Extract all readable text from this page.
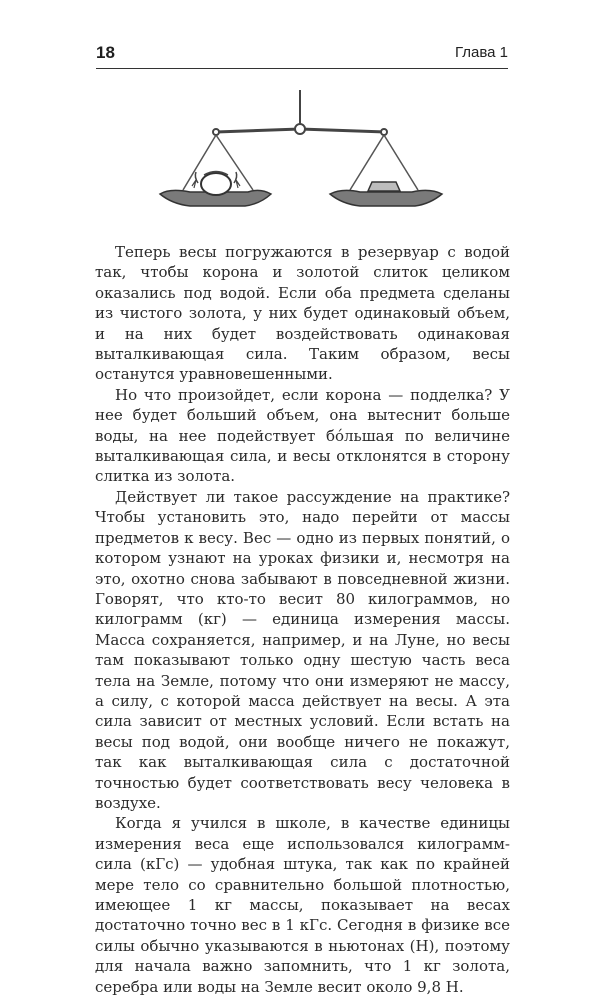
18	Глава 1

Теперь весы погружаются в резервуар с водой так, чтобы корона и золотой слиток целиком оказались под водой. Если оба предмета сделаны из чистого золота, у них будет одинаковый объем, и на них будет воздействовать одинаковая выталкивающая сила. Таким образом, весы останутся уравновешенными.

Но что произойдет, если корона — подделка? У нее будет больший объем, она вытеснит больше воды, на нее подействует бóльшая по величине выталкивающая сила, и весы отклонятся в сторону слитка из золота.

Действует ли такое рассуждение на практике? Чтобы установить это, надо перейти от массы предметов к весу. Вес — одно из первых понятий, о котором узнают на уроках физики и, несмотря на это, охотно снова забывают в повседневной жизни. Говорят, что кто-то весит 80 килограммов, но килограмм (кг) — единица измерения массы. Масса сохраняется, например, и на Луне, но весы там показывают только одну шестую часть веса тела на Земле, потому что они измеряют не массу, а силу, с которой масса действует на весы. А эта сила зависит от местных условий. Если встать на весы под водой, они вообще ничего не покажут, так как выталкивающая сила с достаточной точностью будет соответствовать весу человека в воздухе.

Когда я учился в школе, в качестве единицы измерения веса еще использовался килограмм-сила (кГс) — удобная штука, так как по крайней мере тело со сравнительно большой плотностью, имеющее 1 кг массы, показывает на весах достаточно точно вес в 1 кГс. Сегодня в физике все силы обычно указываются в ньютонах (Н), поэтому для начала важно запомнить, что 1 кг золота, серебра или воды на Земле весит около 9,8 Н.
